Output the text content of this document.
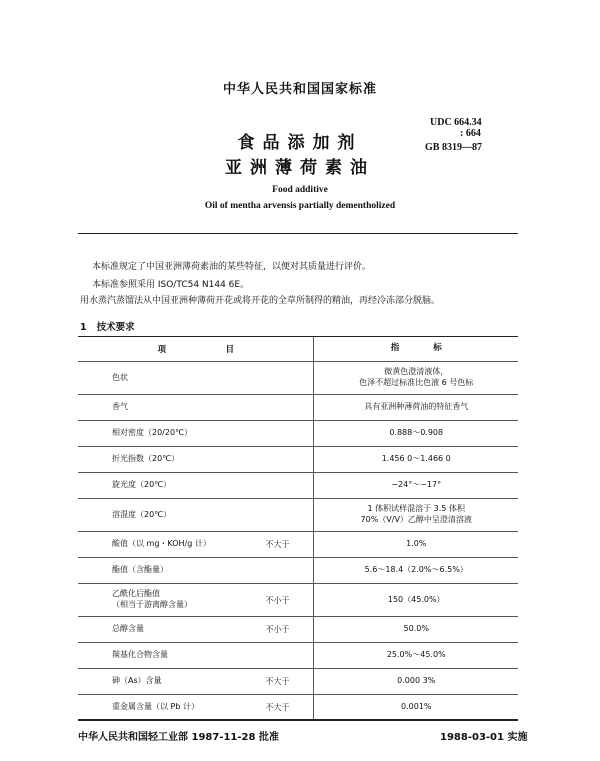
中华人民共和国国家标准
UDC 664.34
: 664
GB 8319—87
食品添加剂
亚洲薄荷素油
Food additive
Oil of mentha arvensis partially dementholized
本标准规定了中国亚洲薄荷素油的某些特征，以便对其质量进行评价。
本标准参照采用 ISO/TC54 N144 6E。
用水蒸汽蒸馏法从中国亚洲种薄荷开花或将开花的全草所制得的精油，再经冷冻部分脱脑。
1 技术要求
项　　　　　　　目		指　　　　标
色状		微黄色澄清液体，
色泽不超过标准比色液 6 号色标
香气		具有亚洲种薄荷油的特征香气
相对密度（20/20℃）		0.888～0.908
折光指数（20℃）		1.456 0～1.466 0
旋光度（20℃）		−24°～−17°
溶混度（20℃）		1 体积试样混溶于 3.5 体积
70%（V/V）乙醇中呈澄清溶液
酸值（以 mg・KOH/g 计）	不大于	1.0%
酯值（含酯量）		5.6～18.4（2.0%～6.5%）
乙酰化后酯值
（相当于游离醇含量）	不小于	150（45.0%）
总醇含量	不小于	50.0%
羰基化合物含量		25.0%～45.0%
砷（As）含量	不大于	0.000 3%
重金属含量（以 Pb 计）	不大于	0.001%
中华人民共和国轻工业部 1987-11-28 批准	1988-03-01 实施
